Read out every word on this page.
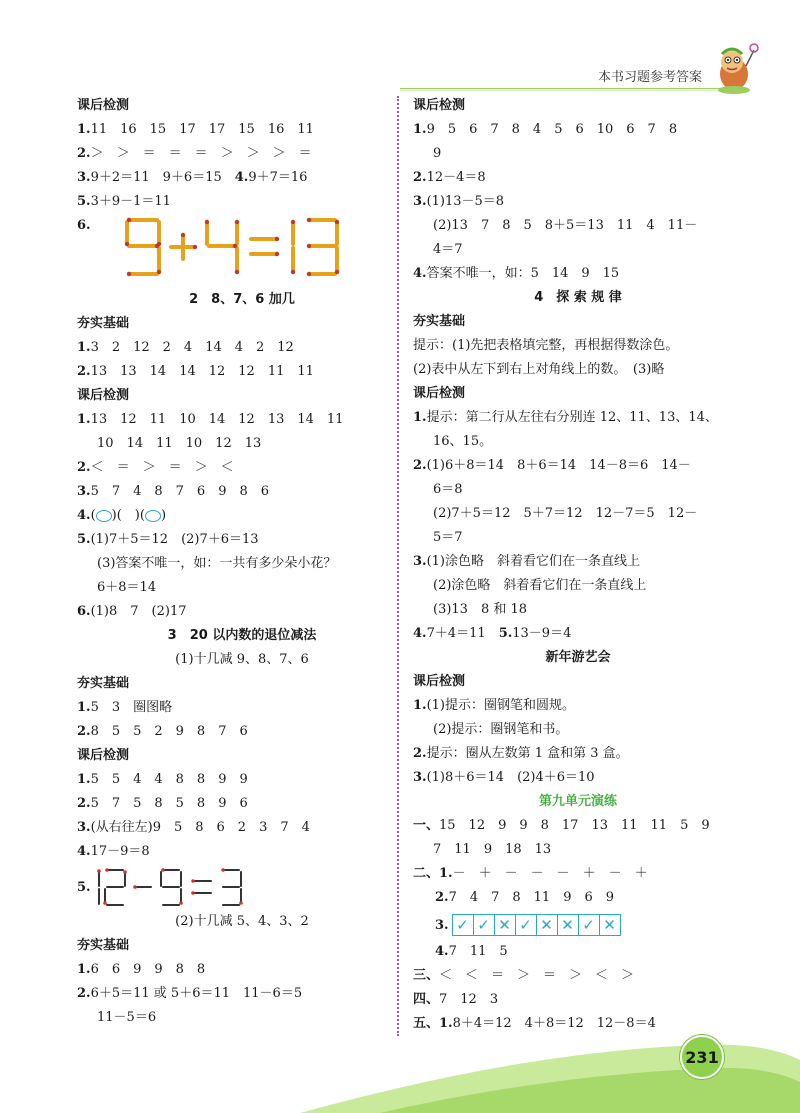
本书习题参考答案
课后检测
1.11　16　15　17　17　15　16　11
2.＞　＞　＝　＝　＝　＞　＞　＞　＝
3.9＋2＝11　9＋6＝15　 4.9＋7＝16
5.3＋9－1＝11
6.
2　8、7、6 加几
夯实基础
1.3　2　12　2　4　14　4　2　12
2.13　13　14　14　12　12　11　11
课后检测
1.13　12　11　10　14　12　13　14　11
10　14　11　10　12　13
2.＜　＝　＞　＝　＞　＜
3.5　7　4　8　7　6　9　8　6
4.(○)(　)(○)
5.(1)7＋5＝12　(2)7＋6＝13
(3)答案不唯一，如：一共有多少朵小花？
6＋8＝14
6.(1)8　7　(2)17
3　20 以内数的退位减法
(1)十几减 9、8、7、6
夯实基础
1.5　3　圈图略
2.8　5　5　2　9　8　7　6
课后检测
1.5　5　4　4　8　8　9　9
2.5　7　5　8　5　8　9　6
3.(从右往左)9　5　8　6　2　3　7　4
4.17－9＝8
5.
(2)十几减 5、4、3、2
夯实基础
1.6　6　9　9　8　8
2.6＋5＝11 或 5＋6＝11　11－6＝5
11－5＝6
课后检测
1.9　5　6　7　8　4　5　6　10　6　7　8
9
2.12－4＝8
3.(1)13－5＝8
(2)13　7　8　5　8＋5＝13　11　4　11－
4＝7
4.答案不唯一，如：5　14　9　15
4　探 索 规 律
夯实基础
提示：(1)先把表格填完整，再根据得数涂色。
(2)表中从左下到右上对角线上的数。　(3)略
课后检测
1.提示：第二行从左往右分别连 12、11、13、14、
16、15。
2.(1)6＋8＝14　8＋6＝14　14－8＝6　14－
6＝8
(2)7＋5＝12　5＋7＝12　12－7＝5　12－
5＝7
3.(1)涂色略　斜着看它们在一条直线上
(2)涂色略　斜着看它们在一条直线上
(3)13　8 和 18
4.7＋4＝11　 5.13－9＝4
新年游艺会
课后检测
1.(1)提示：圈钢笔和圆规。
(2)提示：圈钢笔和书。
2.提示：圈从左数第 1 盒和第 3 盒。
3.(1)8＋6＝14　(2)4＋6＝10
第九单元演练
一、15　12　9　9　8　17　13　11　11　5　9
7　11　9　18　13
二、1.－　＋　－　－　－　＋　－　＋
2.7　4　7　8　11　9　6　9
3. ✓ ✓ ✕ ✓ ✕ ✕ ✓ ✕
4.7　11　5
三、＜　＜　＝　＞　＝　＞　＜　＞
四、7　12　3
五、1.8＋4＝12　4＋8＝12　12－8＝4
231
